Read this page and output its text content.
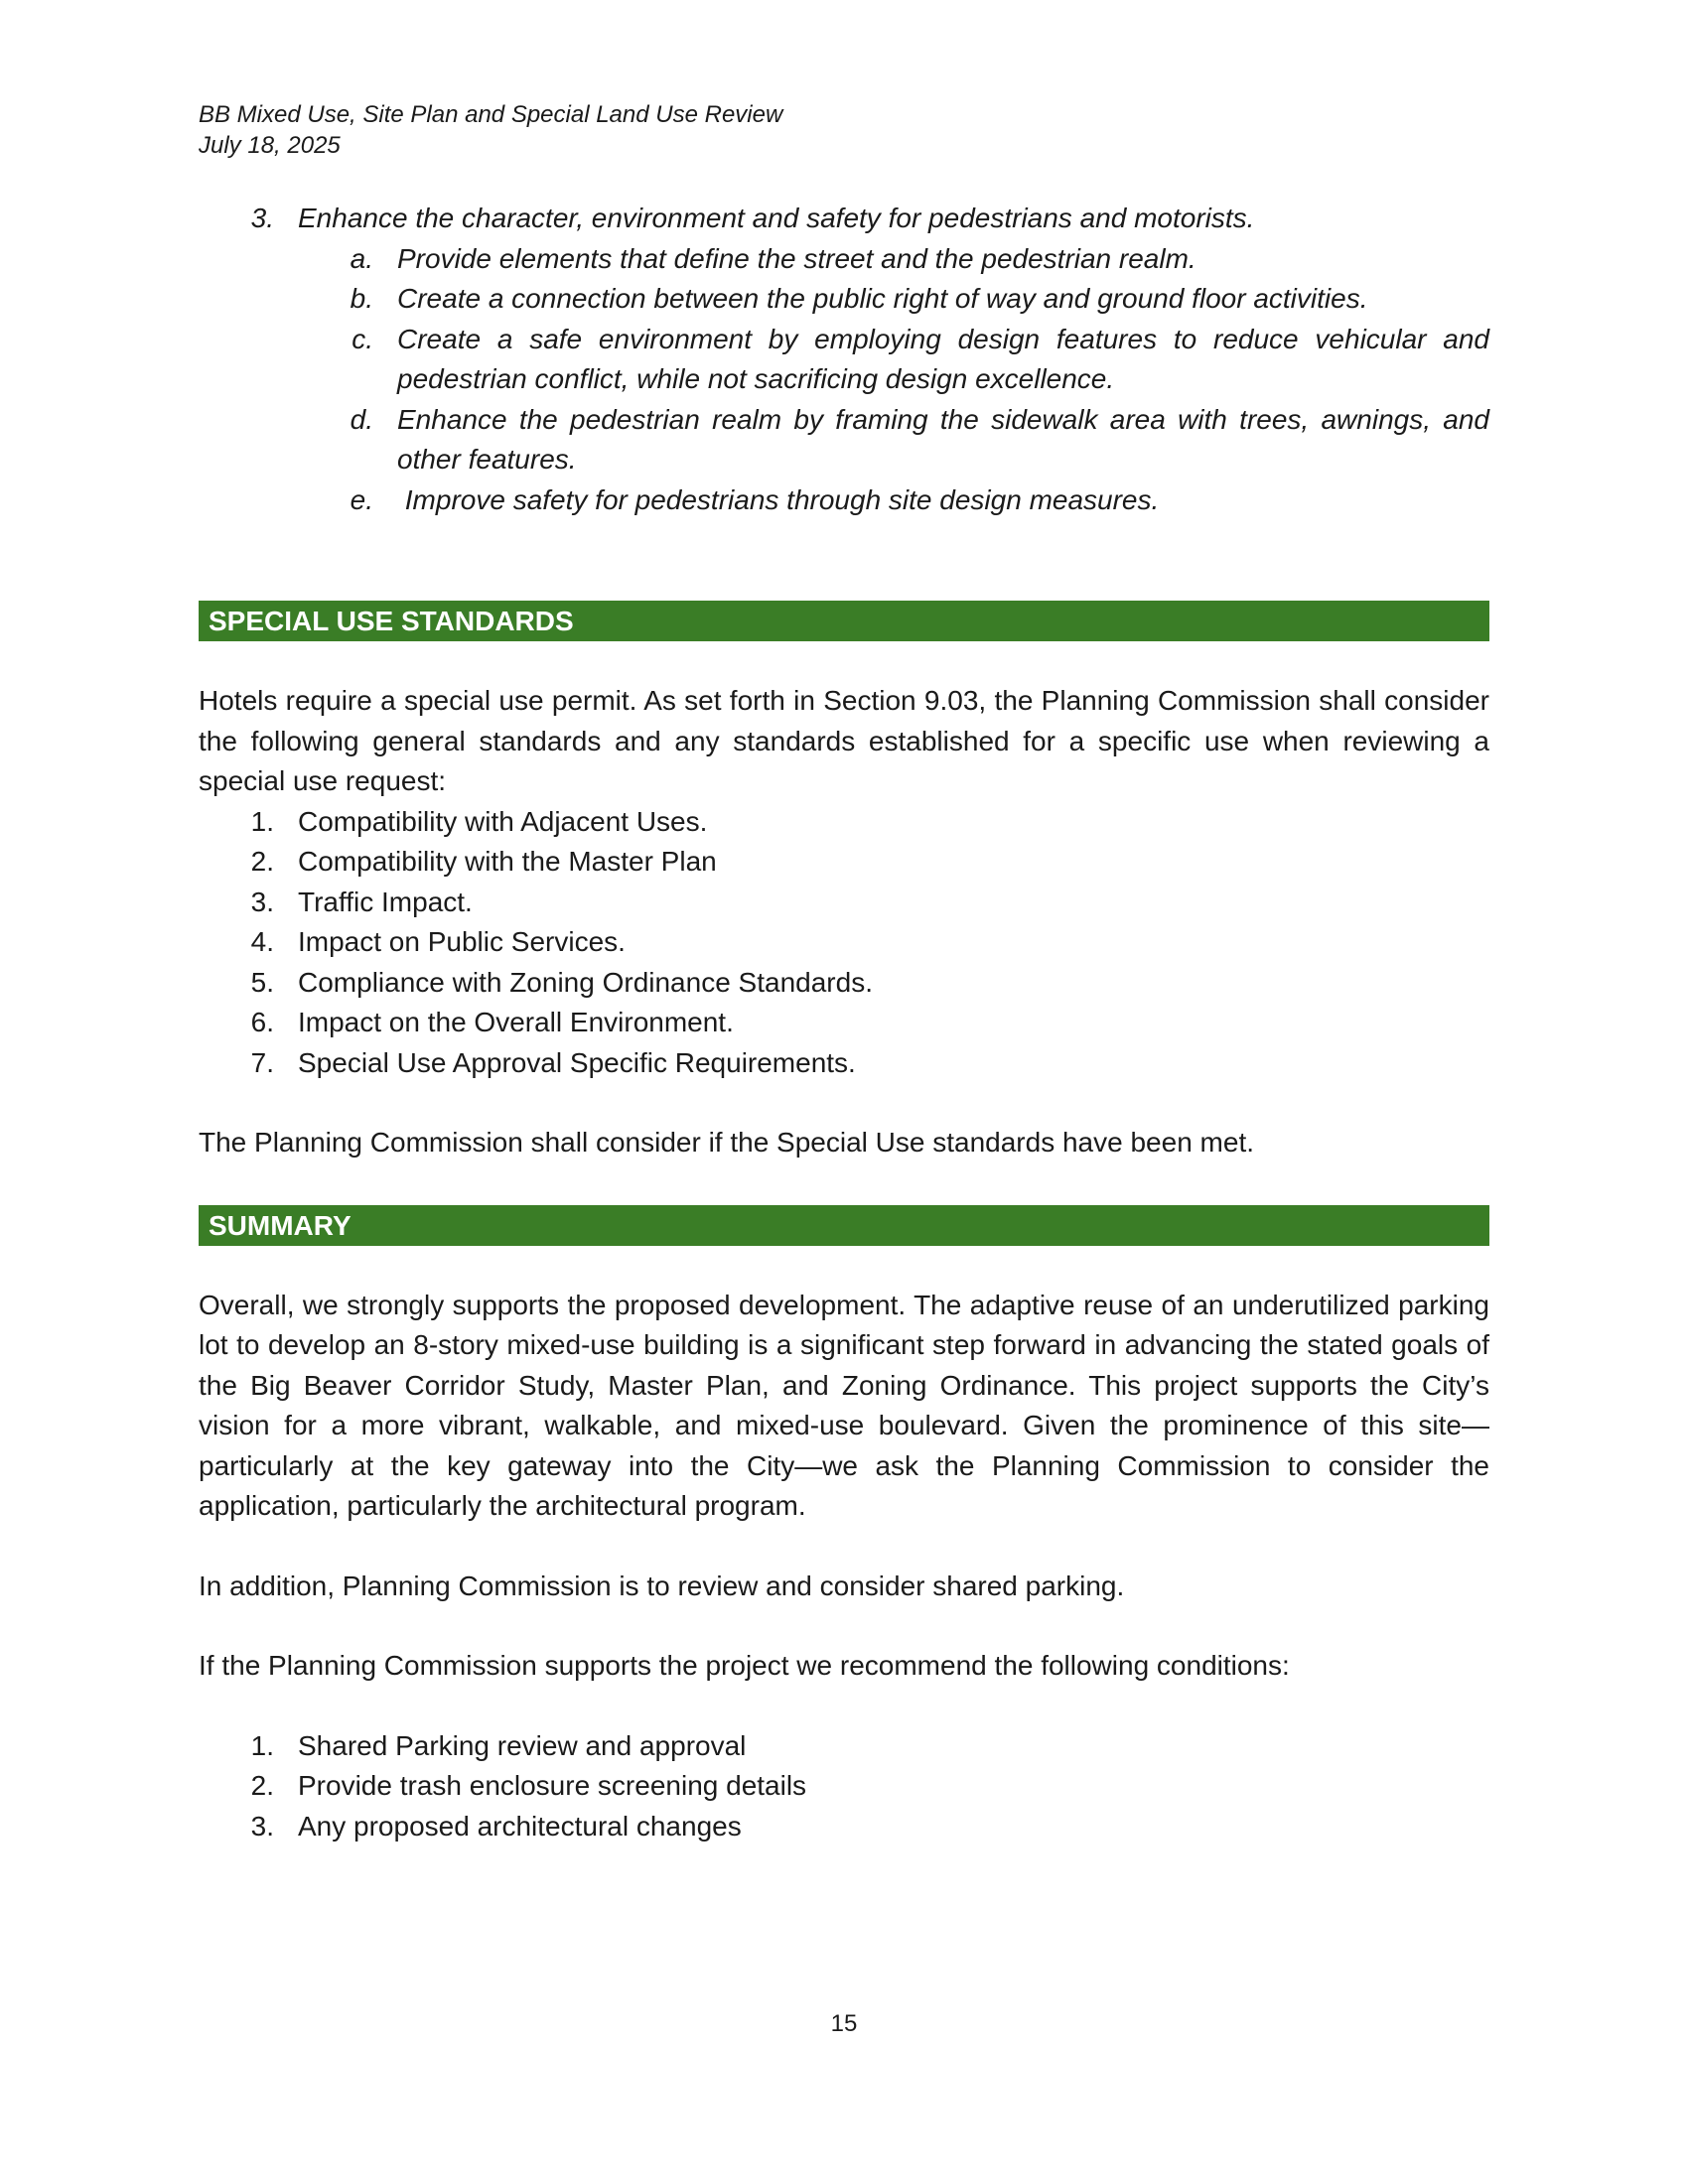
BB Mixed Use, Site Plan and Special Land Use Review
July 18, 2025
3. Enhance the character, environment and safety for pedestrians and motorists.
a. Provide elements that define the street and the pedestrian realm.
b. Create a connection between the public right of way and ground floor activities.
c. Create a safe environment by employing design features to reduce vehicular and pedestrian conflict, while not sacrificing design excellence.
d. Enhance the pedestrian realm by framing the sidewalk area with trees, awnings, and other features.
e. Improve safety for pedestrians through site design measures.
SPECIAL USE STANDARDS

Hotels require a special use permit. As set forth in Section 9.03, the Planning Commission shall consider the following general standards and any standards established for a specific use when reviewing a special use request:

1. Compatibility with Adjacent Uses.
2. Compatibility with the Master Plan
3. Traffic Impact.
4. Impact on Public Services.
5. Compliance with Zoning Ordinance Standards.
6. Impact on the Overall Environment.
7. Special Use Approval Specific Requirements.

The Planning Commission shall consider if the Special Use standards have been met.

SUMMARY

Overall, we strongly supports the proposed development. The adaptive reuse of an underutilized parking lot to develop an 8-story mixed-use building is a significant step forward in advancing the stated goals of the Big Beaver Corridor Study, Master Plan, and Zoning Ordinance. This project supports the City’s vision for a more vibrant, walkable, and mixed-use boulevard. Given the prominence of this site—particularly at the key gateway into the City—we ask the Planning Commission to consider the application, particularly the architectural program.

In addition, Planning Commission is to review and consider shared parking.

If the Planning Commission supports the project we recommend the following conditions:

1. Shared Parking review and approval
2. Provide trash enclosure screening details
3. Any proposed architectural changes
15
